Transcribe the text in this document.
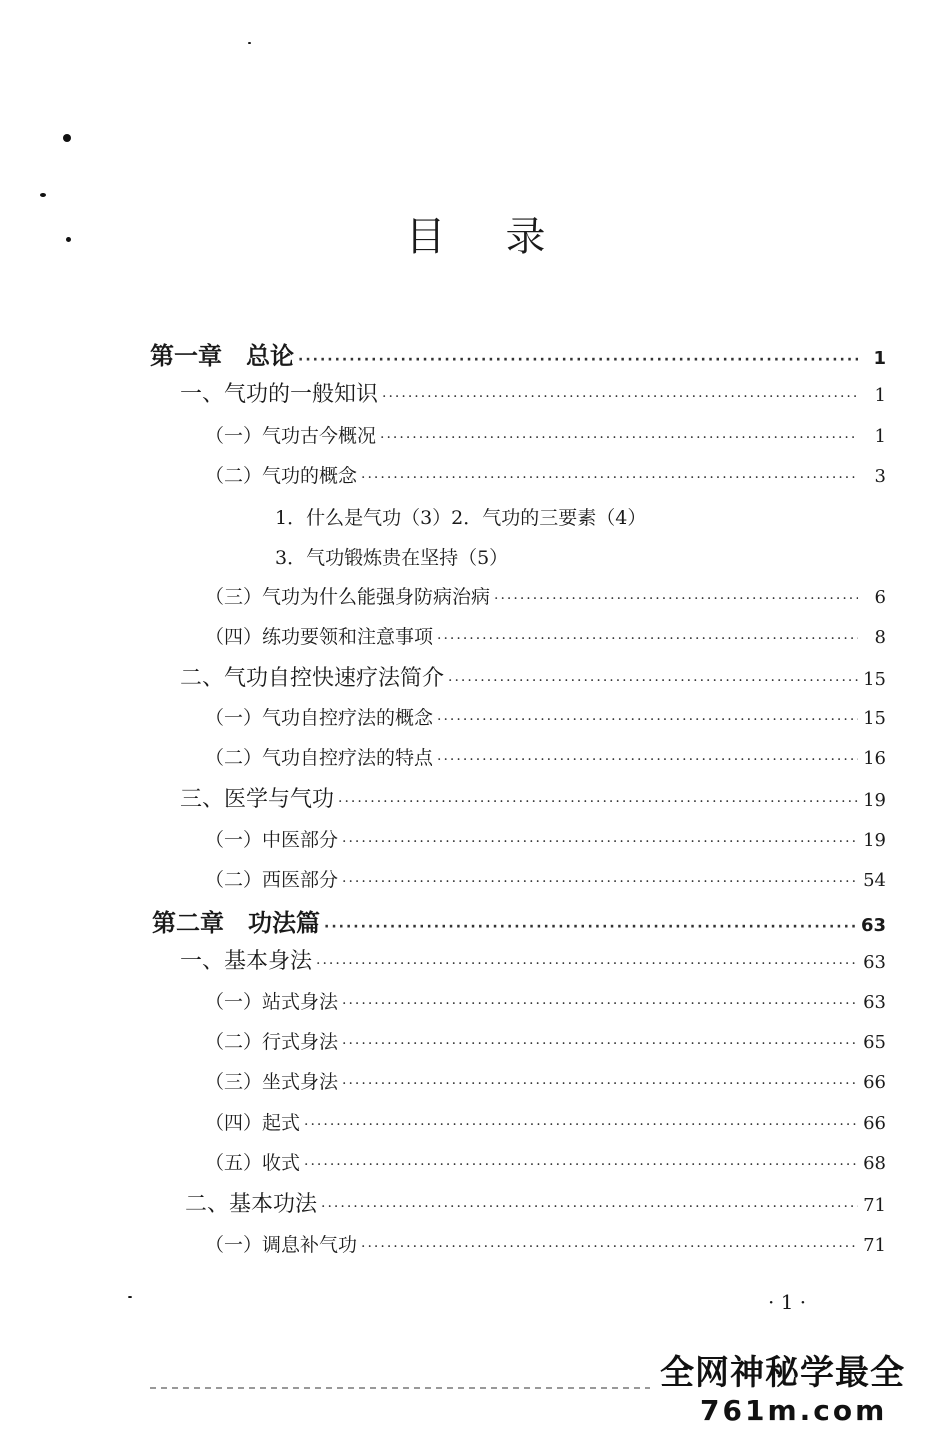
目 录
第一章　总论 ·····	1
一、气功的一般知识 ·····	1
（一）气功古今概况 ·····	1
（二）气功的概念 ·····	3
1．什么是气功（3）2．气功的三要素（4）
3．气功锻炼贵在坚持（5）
（三）气功为什么能强身防病治病 ·····	6
（四）练功要领和注意事项 ·····	8
二、气功自控快速疗法简介 ·····	15
（一）气功自控疗法的概念 ·····	15
（二）气功自控疗法的特点 ·····	16
三、医学与气功 ·····	19
（一）中医部分 ·····	19
（二）西医部分 ·····	54
第二章　功法篇 ·····	63
一、基本身法 ·····	63
（一）站式身法 ·····	63
（二）行式身法 ·····	65
（三）坐式身法 ·····	66
（四）起式 ·····	66
（五）收式 ·····	68
二、基本功法 ·····	71
（一）调息补气功 ·····	71
· 1 ·
全网神秘学最全
761m.com
